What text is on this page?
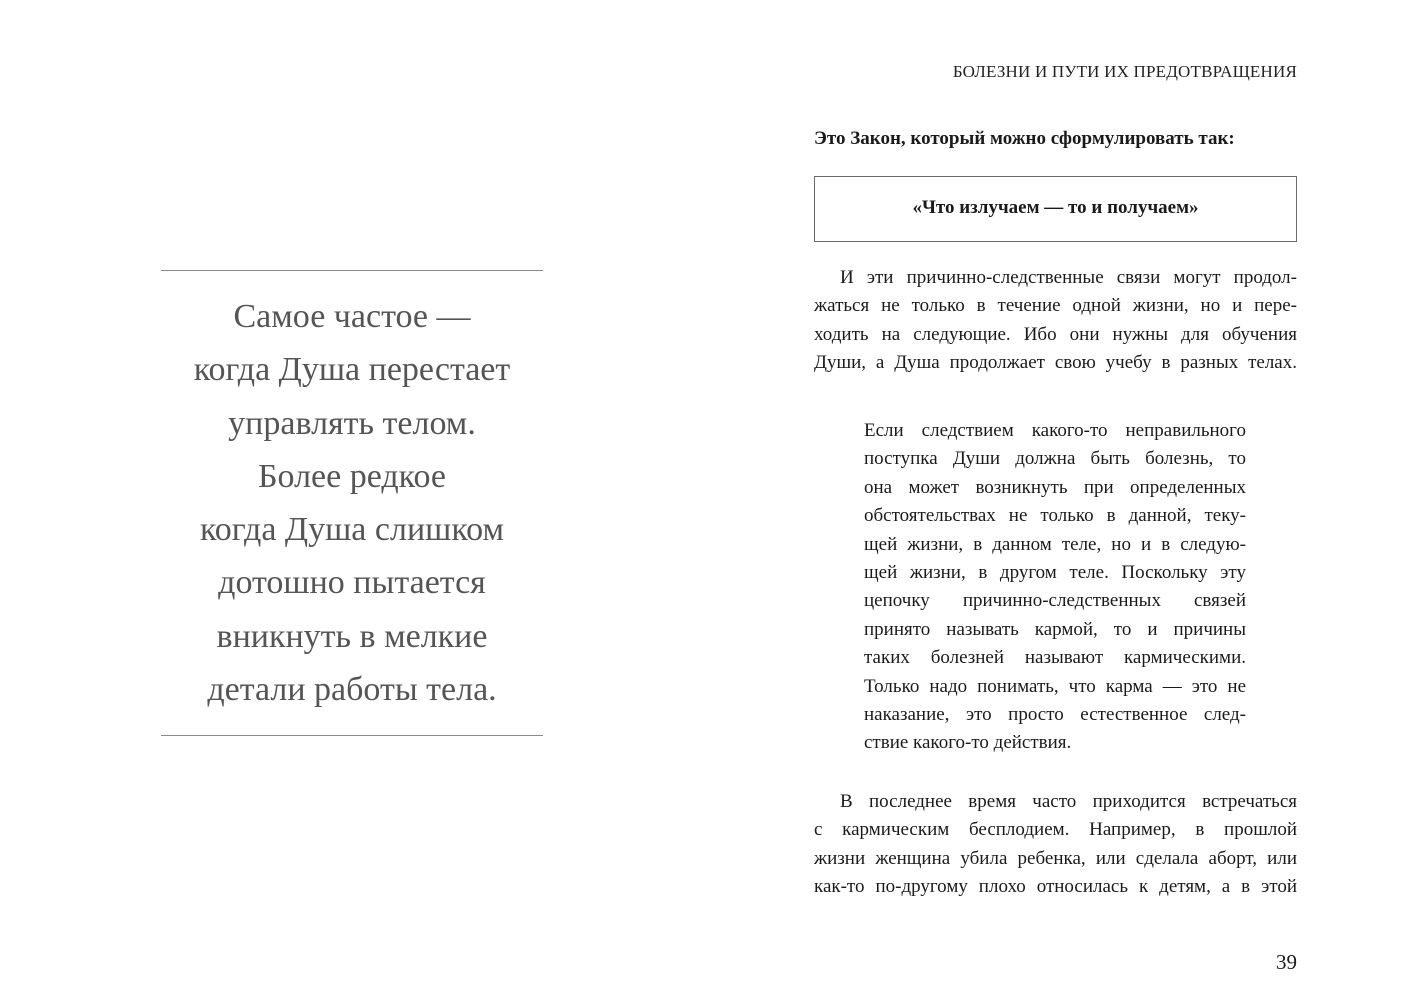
Самое частое —
когда Душа перестает
управлять телом.
Более редкое
когда Душа слишком
дотошно пытается
вникнуть в мелкие
детали работы тела.
БОЛЕЗНИ И ПУТИ ИХ ПРЕДОТВРАЩЕНИЯ
Это Закон, который можно сформулировать так:
«Что излучаем — то и получаем»
И эти причинно-следственные связи могут продол-
жаться не только в течение одной жизни, но и пере-
ходить на следующие. Ибо они нужны для обучения
Души, а Душа продолжает свою учебу в разных телах.
Если следствием какого-то неправильного
поступка Души должна быть болезнь, то
она может возникнуть при определенных
обстоятельствах не только в данной, теку-
щей жизни, в данном теле, но и в следую-
щей жизни, в другом теле. Поскольку эту
цепочку причинно-следственных связей
принято называть кармой, то и причины
таких болезней называют кармическими.
Только надо понимать, что карма — это не
наказание, это просто естественное след-
ствие какого-то действия.
В последнее время часто приходится встречаться
с кармическим бесплодием. Например, в прошлой
жизни женщина убила ребенка, или сделала аборт, или
как-то по-другому плохо относилась к детям, а в этой
39
